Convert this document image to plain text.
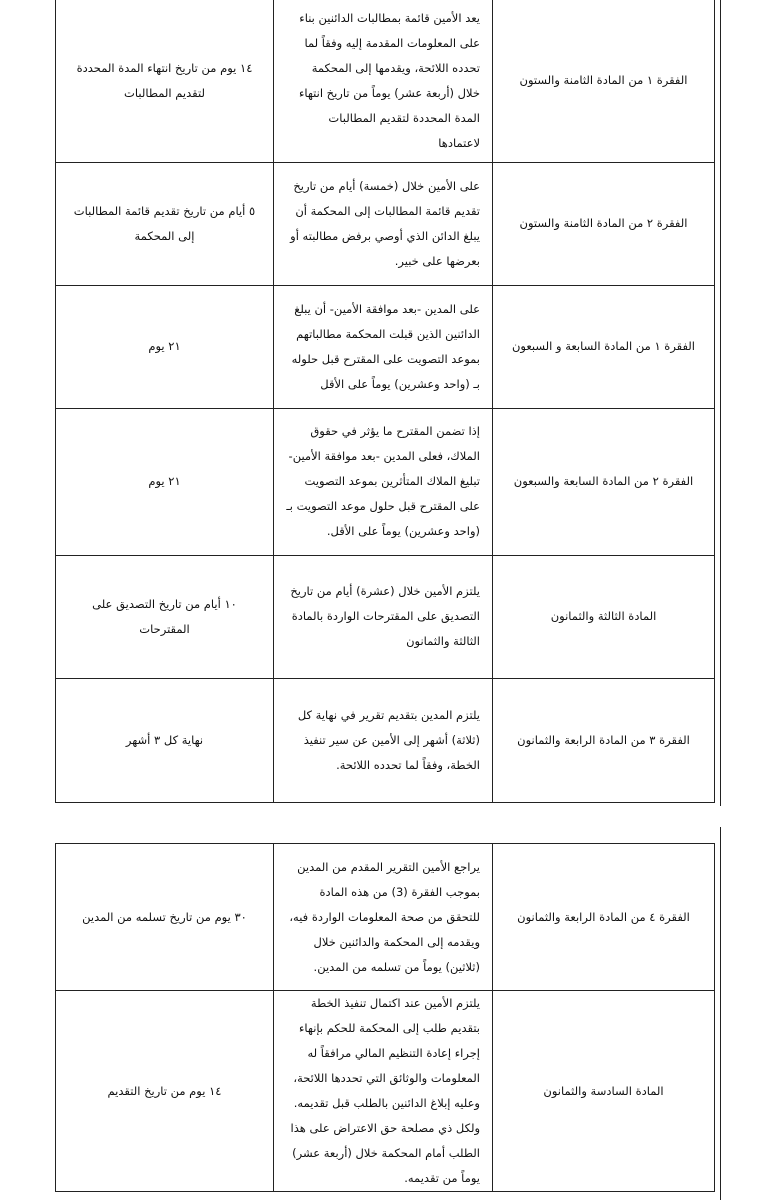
١٤ يوم من تاريخ انتهاء المدة المحددة لتقديم المطالبات	يعد الأمين قائمة بمطالبات الدائنين بناء على المعلومات المقدمة إليه وفقاً لما تحدده اللائحة، ويقدمها إلى المحكمة خلال (أربعة عشر) يوماً من تاريخ انتهاء المدة المحددة لتقديم المطالبات لاعتمادها	الفقرة ١ من المادة الثامنة والستون

٥ أيام من تاريخ تقديم قائمة المطالبات إلى المحكمة	على الأمين خلال (خمسة) أيام من تاريخ تقديم قائمة المطالبات إلى المحكمة أن يبلغ الدائن الذي أوصي برفض مطالبته أو بعرضها على خبير.	الفقرة ٢ من المادة الثامنة والستون

٢١ يوم	على المدين -بعد موافقة الأمين- أن يبلغ الدائنين الذين قبلت المحكمة مطالباتهم بموعد التصويت على المقترح قبل حلوله بـ (واحد وعشرين) يوماً على الأقل	الفقرة ١ من المادة السابعة و السبعون

٢١ يوم	إذا تضمن المقترح ما يؤثر في حقوق الملاك، فعلى المدين -بعد موافقة الأمين- تبليغ الملاك المتأثرين بموعد التصويت على المقترح قبل حلول موعد التصويت بـ (واحد وعشرين) يوماً على الأقل.	الفقرة ٢ من المادة السابعة والسبعون

١٠ أيام من تاريخ التصديق على المقترحات	يلتزم الأمين خلال (عشرة) أيام من تاريخ التصديق على المقترحات الواردة بالمادة الثالثة والثمانون	المادة الثالثة والثمانون

نهاية كل ٣ أشهر	يلتزم المدين بتقديم تقرير في نهاية كل (ثلاثة) أشهر إلى الأمين عن سير تنفيذ الخطة، وفقاً لما تحدده اللائحة.	الفقرة ٣ من المادة الرابعة والثمانون
٣٠ يوم من تاريخ تسلمه من المدين	يراجع الأمين التقرير المقدم من المدين بموجب الفقرة (3) من هذه المادة للتحقق من صحة المعلومات الواردة فيه، ويقدمه إلى المحكمة والدائنين خلال (ثلاثين) يوماً من تسلمه من المدين.	الفقرة ٤ من المادة الرابعة والثمانون

١٤ يوم من تاريخ التقديم	يلتزم الأمين عند اكتمال تنفيذ الخطة بتقديم طلب إلى المحكمة للحكم بإنهاء إجراء إعادة التنظيم المالي مرافقاً له المعلومات والوثائق التي تحددها اللائحة، وعليه إبلاغ الدائنين بالطلب قبل تقديمه. ولكل ذي مصلحة حق الاعتراض على هذا الطلب أمام المحكمة خلال (أربعة عشر) يوماً من تقديمه.	المادة السادسة والثمانون
